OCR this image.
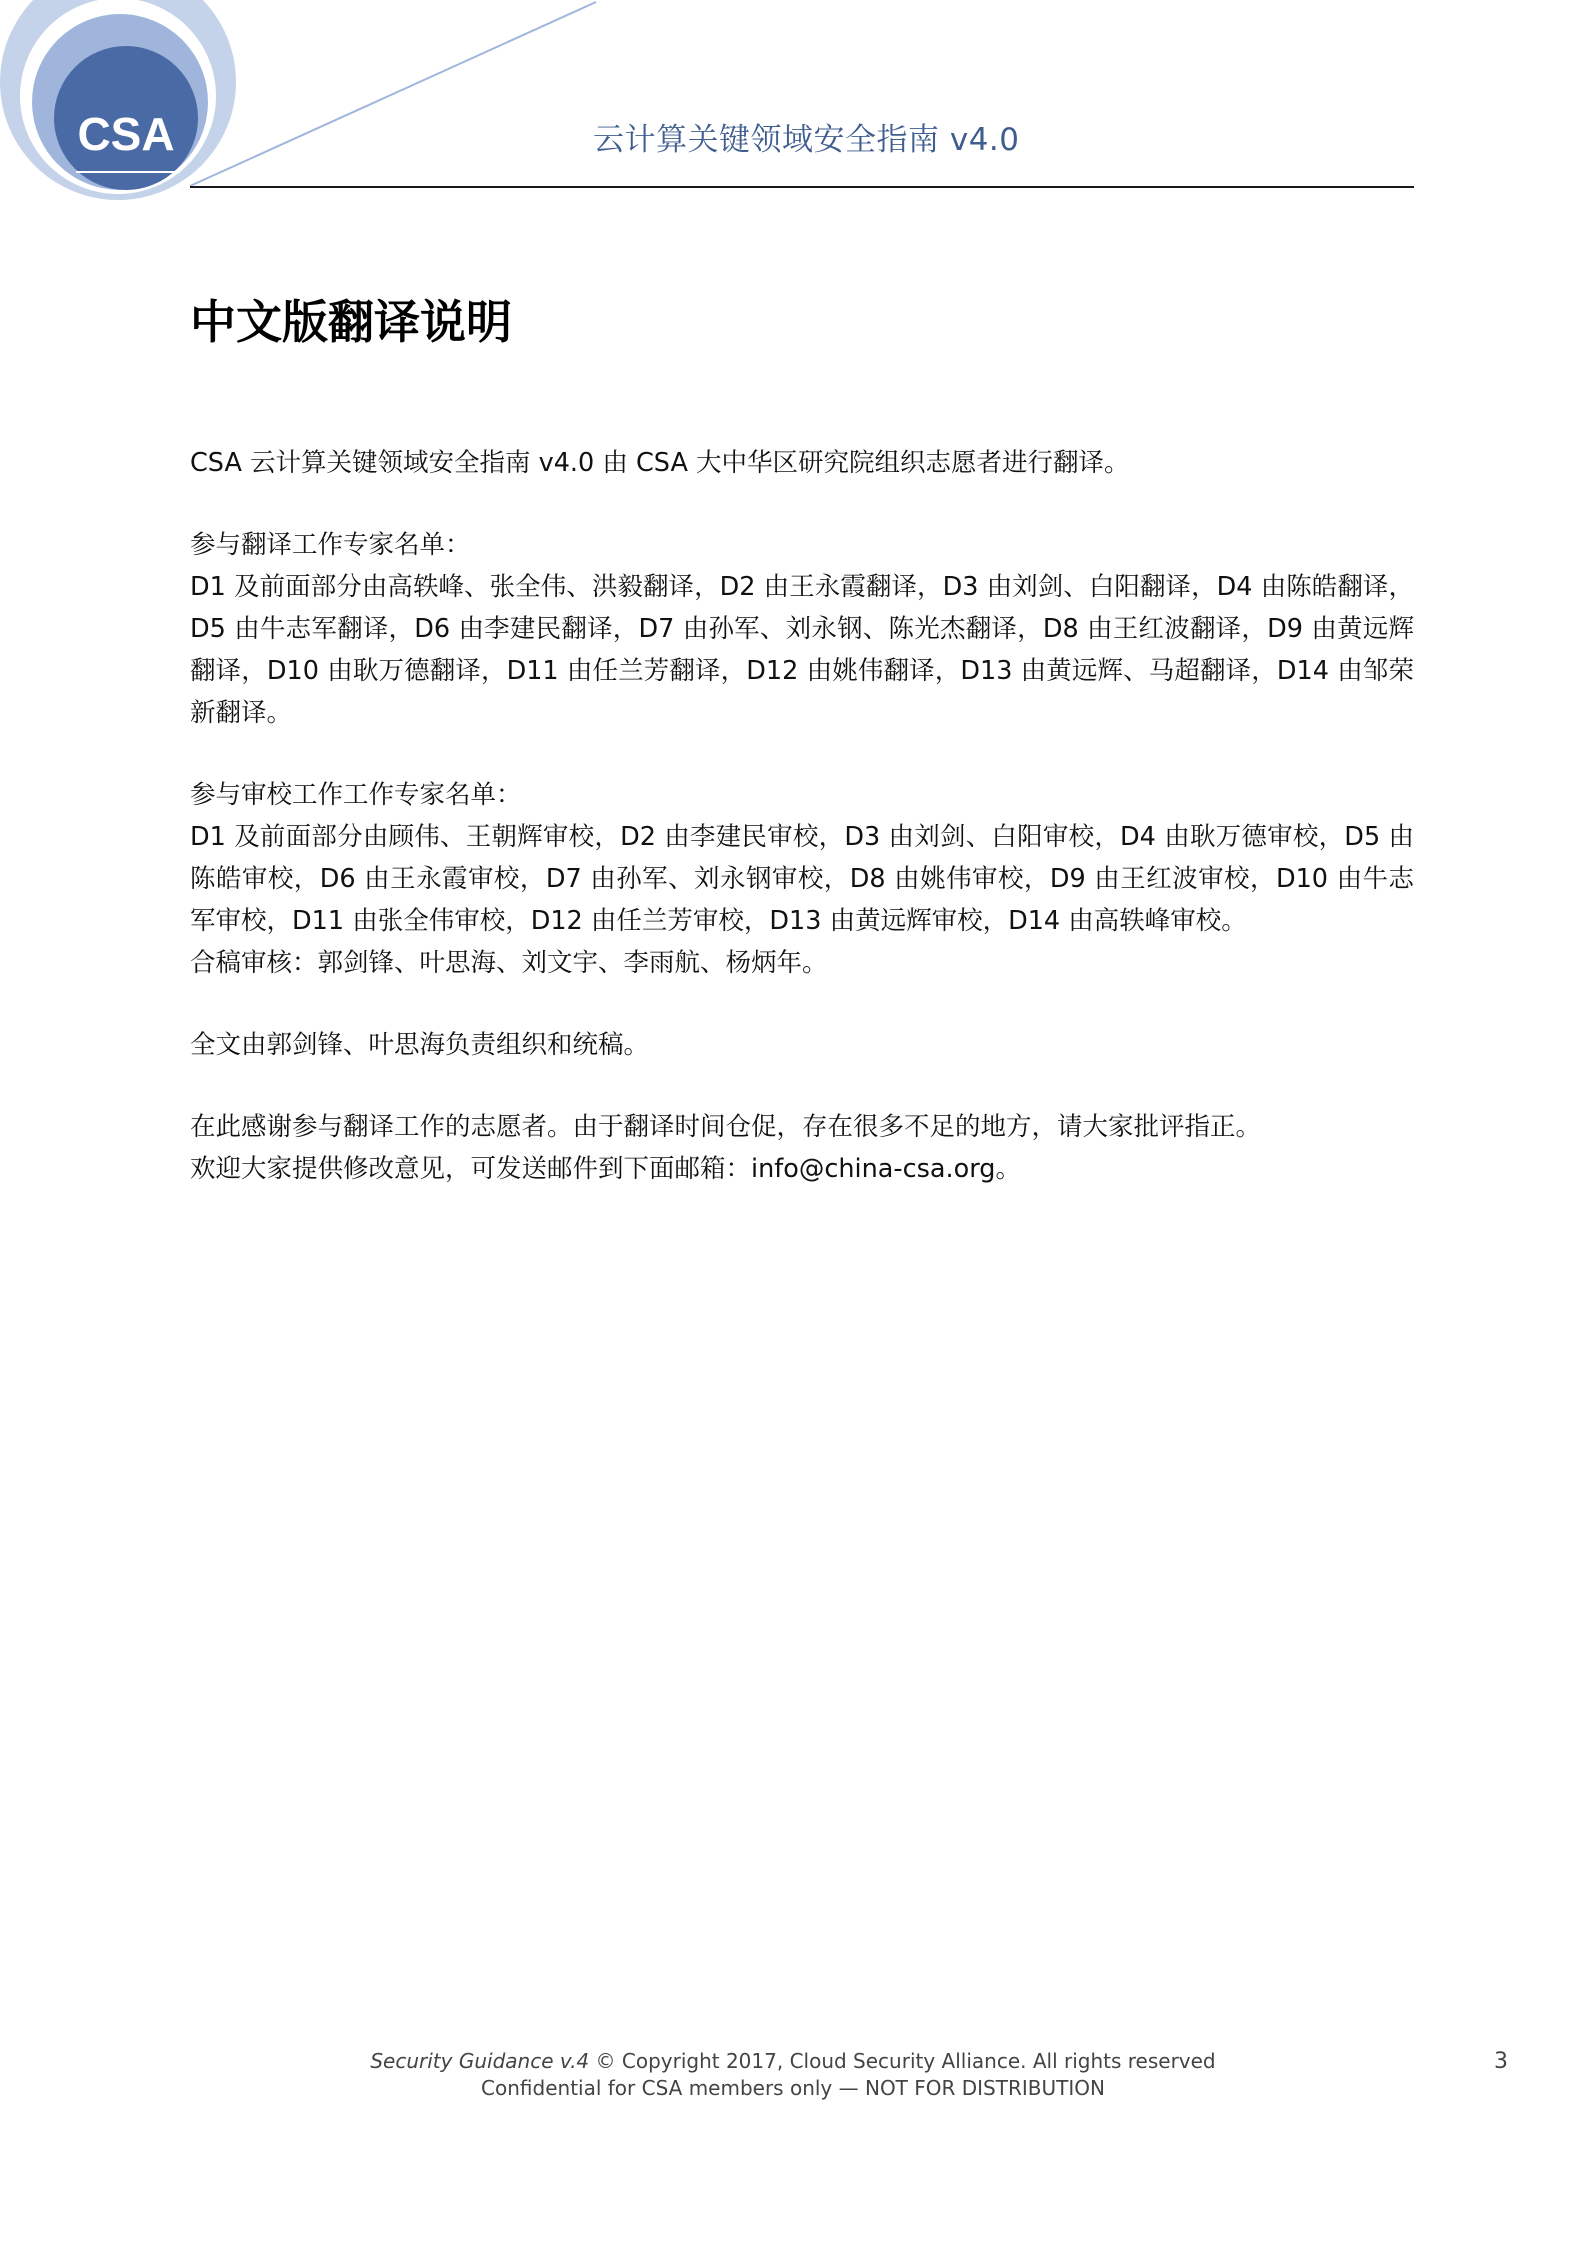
CSA	云计算关键领域安全指南 v4.0
中文版翻译说明

CSA 云计算关键领域安全指南 v4.0 由 CSA 大中华区研究院组织志愿者进行翻译。

参与翻译工作专家名单：

D1 及前面部分由高轶峰、张全伟、洪毅翻译，D2 由王永霞翻译，D3 由刘剑、白阳翻译，D4 由陈皓翻译，D5 由牛志军翻译，D6 由李建民翻译，D7 由孙军、刘永钢、陈光杰翻译，D8 由王红波翻译，D9 由黄远辉翻译，D10 由耿万德翻译，D11 由任兰芳翻译，D12 由姚伟翻译，D13 由黄远辉、马超翻译，D14 由邹荣新翻译。

参与审校工作工作专家名单：

D1 及前面部分由顾伟、王朝辉审校，D2 由李建民审校，D3 由刘剑、白阳审校，D4 由耿万德审校，D5 由陈皓审校，D6 由王永霞审校，D7 由孙军、刘永钢审校，D8 由姚伟审校，D9 由王红波审校，D10 由牛志军审校，D11 由张全伟审校，D12 由任兰芳审校，D13 由黄远辉审校，D14 由高轶峰审校。

合稿审核：郭剑锋、叶思海、刘文宇、李雨航、杨炳年。

全文由郭剑锋、叶思海负责组织和统稿。

在此感谢参与翻译工作的志愿者。由于翻译时间仓促，存在很多不足的地方，请大家批评指正。

欢迎大家提供修改意见，可发送邮件到下面邮箱：info@china-csa.org。

Security Guidance v.4 © Copyright 2017, Cloud Security Alliance. All rights reserved
Confidential for CSA members only — NOT FOR DISTRIBUTION
3
